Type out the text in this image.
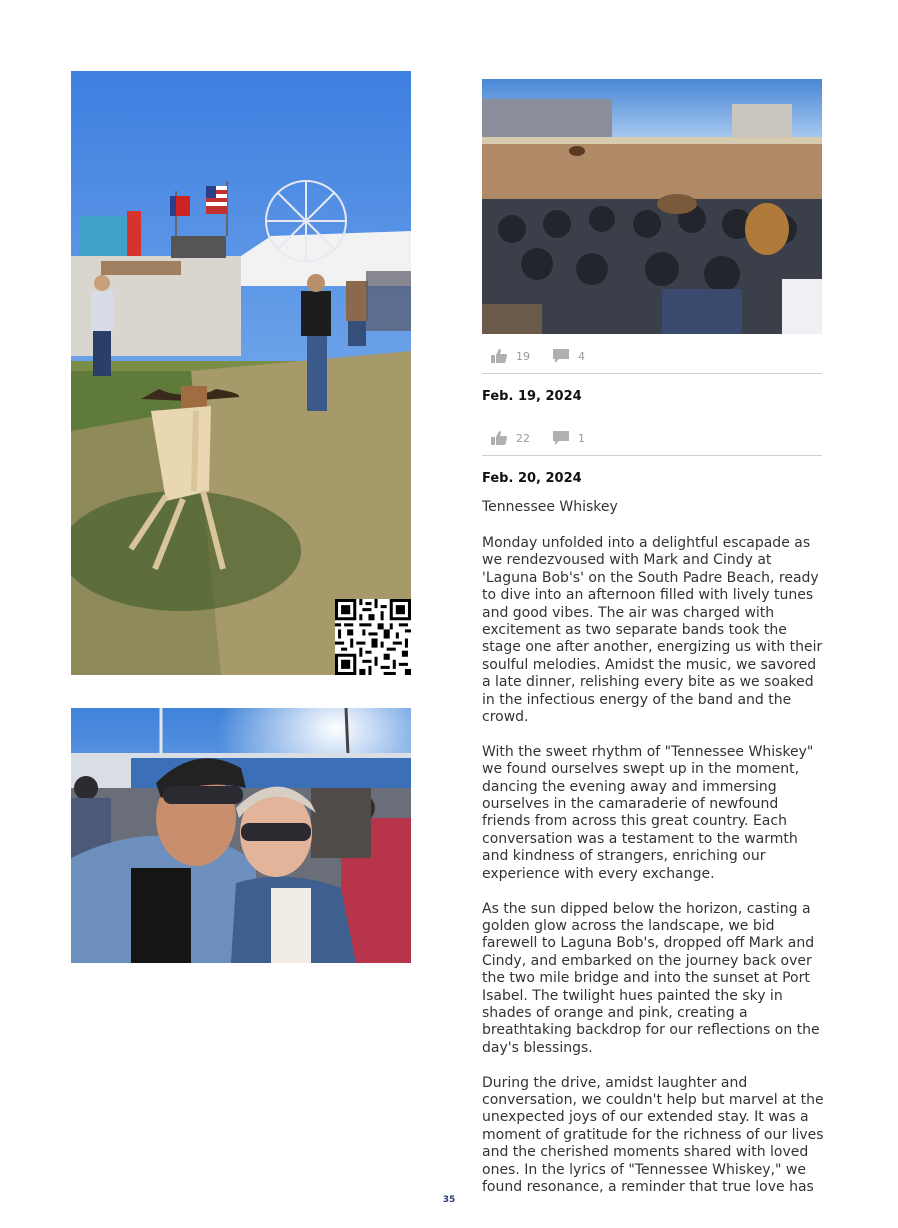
19	4
Feb. 19, 2024
22	1
Feb. 20, 2024
Tennessee Whiskey

Monday unfolded into a delightful escapade as we rendezvoused with Mark and Cindy at 'Laguna Bob's' on the South Padre Beach, ready to dive into an afternoon filled with lively tunes and good vibes. The air was charged with excitement as two separate bands took the stage one after another, energizing us with their soulful melodies. Amidst the music, we savored a late dinner, relishing every bite as we soaked in the infectious energy of the band and the crowd.

With the sweet rhythm of "Tennessee Whiskey" we found ourselves swept up in the moment, dancing the evening away and immersing ourselves in the camaraderie of newfound friends from across this great country. Each conversation was a testament to the warmth and kindness of strangers, enriching our experience with every exchange.

As the sun dipped below the horizon, casting a golden glow across the landscape, we bid farewell to Laguna Bob's, dropped off Mark and Cindy, and embarked on the journey back over the two mile bridge and into the sunset at Port Isabel. The twilight hues painted the sky in shades of orange and pink, creating a breathtaking backdrop for our reflections on the day's blessings.

During the drive, amidst laughter and conversation, we couldn't help but marvel at the unexpected joys of our extended stay. It was a moment of gratitude for the richness of our lives and the cherished moments shared with loved ones. In the lyrics of "Tennessee Whiskey," we found resonance, a reminder that true love has

35
